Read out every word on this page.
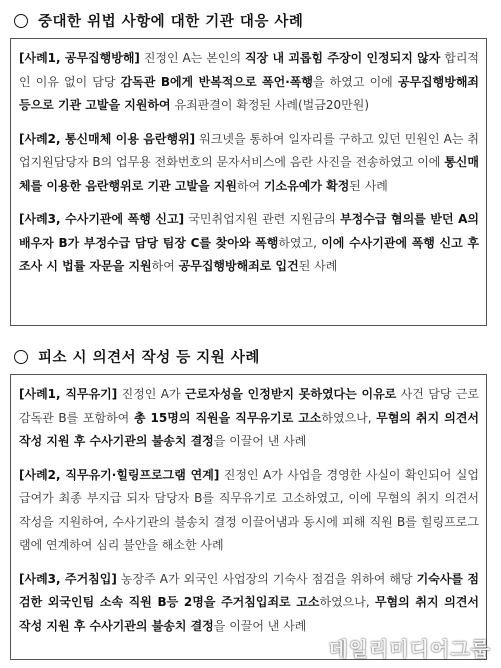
중대한 위법 사항에 대한 기관 대응 사례
[사례1, 공무집행방해] 진정인 A는 본인의 직장 내 괴롭힘 주장이 인정되지 않자 합리적인 이유 없이 담당 감독관 B에게 반복적으로 폭언·폭행을 하였고 이에 공무집행방해죄 등으로 기관 고발을 지원하여 유죄판결이 확정된 사례(벌금20만원)
[사례2, 통신매체 이용 음란행위] 워크넷을 통하여 일자리를 구하고 있던 민원인 A는 취업지원담당자 B의 업무용 전화번호의 문자서비스에 음란 사진을 전송하였고 이에 통신매체를 이용한 음란행위로 기관 고발을 지원하여 기소유예가 확정된 사례
[사례3, 수사기관에 폭행 신고] 국민취업지원 관련 지원금의 부정수급 혐의를 받던 A의 배우자 B가 부정수급 담당 팀장 C를 찾아와 폭행하였고, 이에 수사기관에 폭행 신고 후 조사 시 법률 자문을 지원하여 공무집행방해죄로 입건된 사례
피소 시 의견서 작성 등 지원 사례
[사례1, 직무유기] 진정인 A가 근로자성을 인정받지 못하였다는 이유로 사건 담당 근로감독관 B를 포함하여 총 15명의 직원을 직무유기로 고소하였으나, 무혐의 취지 의견서 작성 지원 후 수사기관의 불송치 결정을 이끌어 낸 사례
[사례2, 직무유기·힐링프로그램 연계] 진정인 A가 사업을 경영한 사실이 확인되어 실업급여가 최종 부지급 되자 담당자 B를 직무유기로 고소하였고, 이에 무혐의 취지 의견서 작성을 지원하여, 수사기관의 불송치 결정 이끌어냄과 동시에 피해 직원 B를 힐링프로그램에 연계하여 심리 불안을 해소한 사례
[사례3, 주거침입] 농장주 A가 외국인 사업장의 기숙사 점검을 위하여 해당 기숙사를 점검한 외국인팀 소속 직원 B등 2명을 주거침입죄로 고소하였으나, 무혐의 취지 의견서 작성 지원 후 수사기관의 불송치 결정을 이끌어 낸 사례
데일리미디어그룹
